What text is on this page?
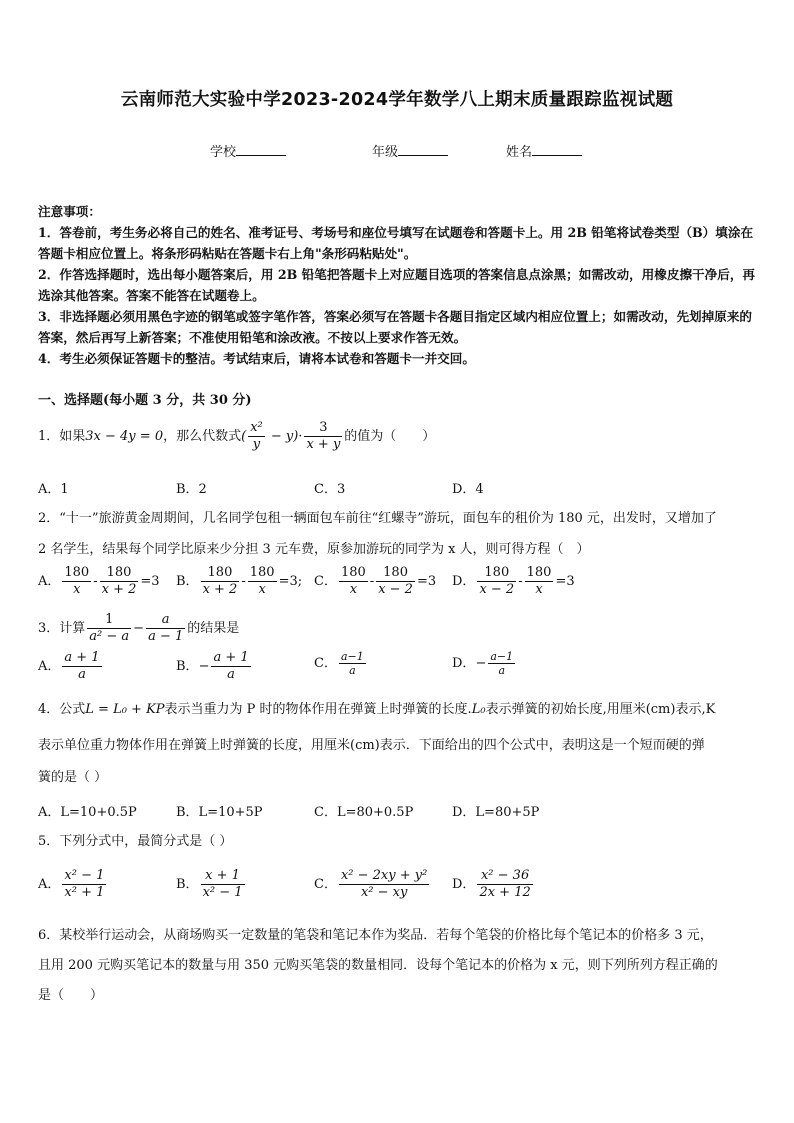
云南师范大实验中学2023-2024学年数学八上期末质量跟踪监视试题
学校	年级	姓名

注意事项：

1．答卷前，考生务必将自己的姓名、准考证号、考场号和座位号填写在试题卷和答题卡上。用 2B 铅笔将试卷类型（B）填涂在答题卡相应位置上。将条形码粘贴在答题卡右上角"条形码粘贴处"。

2．作答选择题时，选出每小题答案后，用 2B 铅笔把答题卡上对应题目选项的答案信息点涂黑；如需改动，用橡皮擦干净后，再选涂其他答案。答案不能答在试题卷上。

3．非选择题必须用黑色字迹的钢笔或签字笔作答，答案必须写在答题卡各题目指定区域内相应位置上；如需改动，先划掉原来的答案，然后再写上新答案；不准使用铅笔和涂改液。不按以上要求作答无效。

4．考生必须保证答题卡的整洁。考试结束后，请将本试卷和答题卡一并交回。

一、选择题(每小题 3 分，共 30 分)
1．如果3x − 4y = 0，那么代数式( $\frac{\text{x²}}{y} - y)\cdot \frac{3}{x + y}$ 的值为（　　）
A．1	B．2	C．3	D．4
2．“十一”旅游黄金周期间，几名同学包租一辆面包车前往“红螺寺”游玩，面包车的租价为 180 元，出发时，又增加了
2 名学生，结果每个同学比原来少分担 3 元车费，原参加游玩的同学为 x 人，则可得方程（　）
A． $\frac{180}{x} - \frac{180}{x + 2} =3$ B． $\frac{180}{x + 2} - \frac{180}{x} =3$; C． $\frac{180}{x} - \frac{180}{x - 2} =3$ D． $\frac{180}{x - 2} - \frac{180}{x} =3$
3．计算 $\frac{1}{\text{a² − a}} - \frac{a}{a - 1}$ 的结果是
A． $\frac{a + 1}{a}$	B．− $\frac{a + 1}{a}$	C． $\frac{a-1}{a}$	D．− $\frac{a-1}{a}$
4．公式L = L₀ + KP表示当重力为 P 时的物体作用在弹簧上时弹簧的长度.L₀表示弹簧的初始长度,用厘米(cm)表示,K
表示单位重力物体作用在弹簧上时弹簧的长度，用厘米(cm)表示．下面给出的四个公式中，表明这是一个短而硬的弹
簧的是（ ）
A．L=10+0.5P	B．L=10+5P	C．L=80+0.5P	D．L=80+5P
5．下列分式中，最简分式是（ ）
A． $\frac{\text{x² − 1}}{\text{x² + 1}}$	B． $\frac{x + 1}{\text{x² − 1}}$	C． $\frac{\text{x² − 2xy + y²}}{\text{x² − xy}}$ D． $\frac{\text{x² − 36}}{2x + 12}$
6．某校举行运动会，从商场购买一定数量的笔袋和笔记本作为奖品．若每个笔袋的价格比每个笔记本的价格多 3 元，
且用 200 元购买笔记本的数量与用 350 元购买笔袋的数量相同．设每个笔记本的价格为 x 元，则下列所列方程正确的
是（　　）
